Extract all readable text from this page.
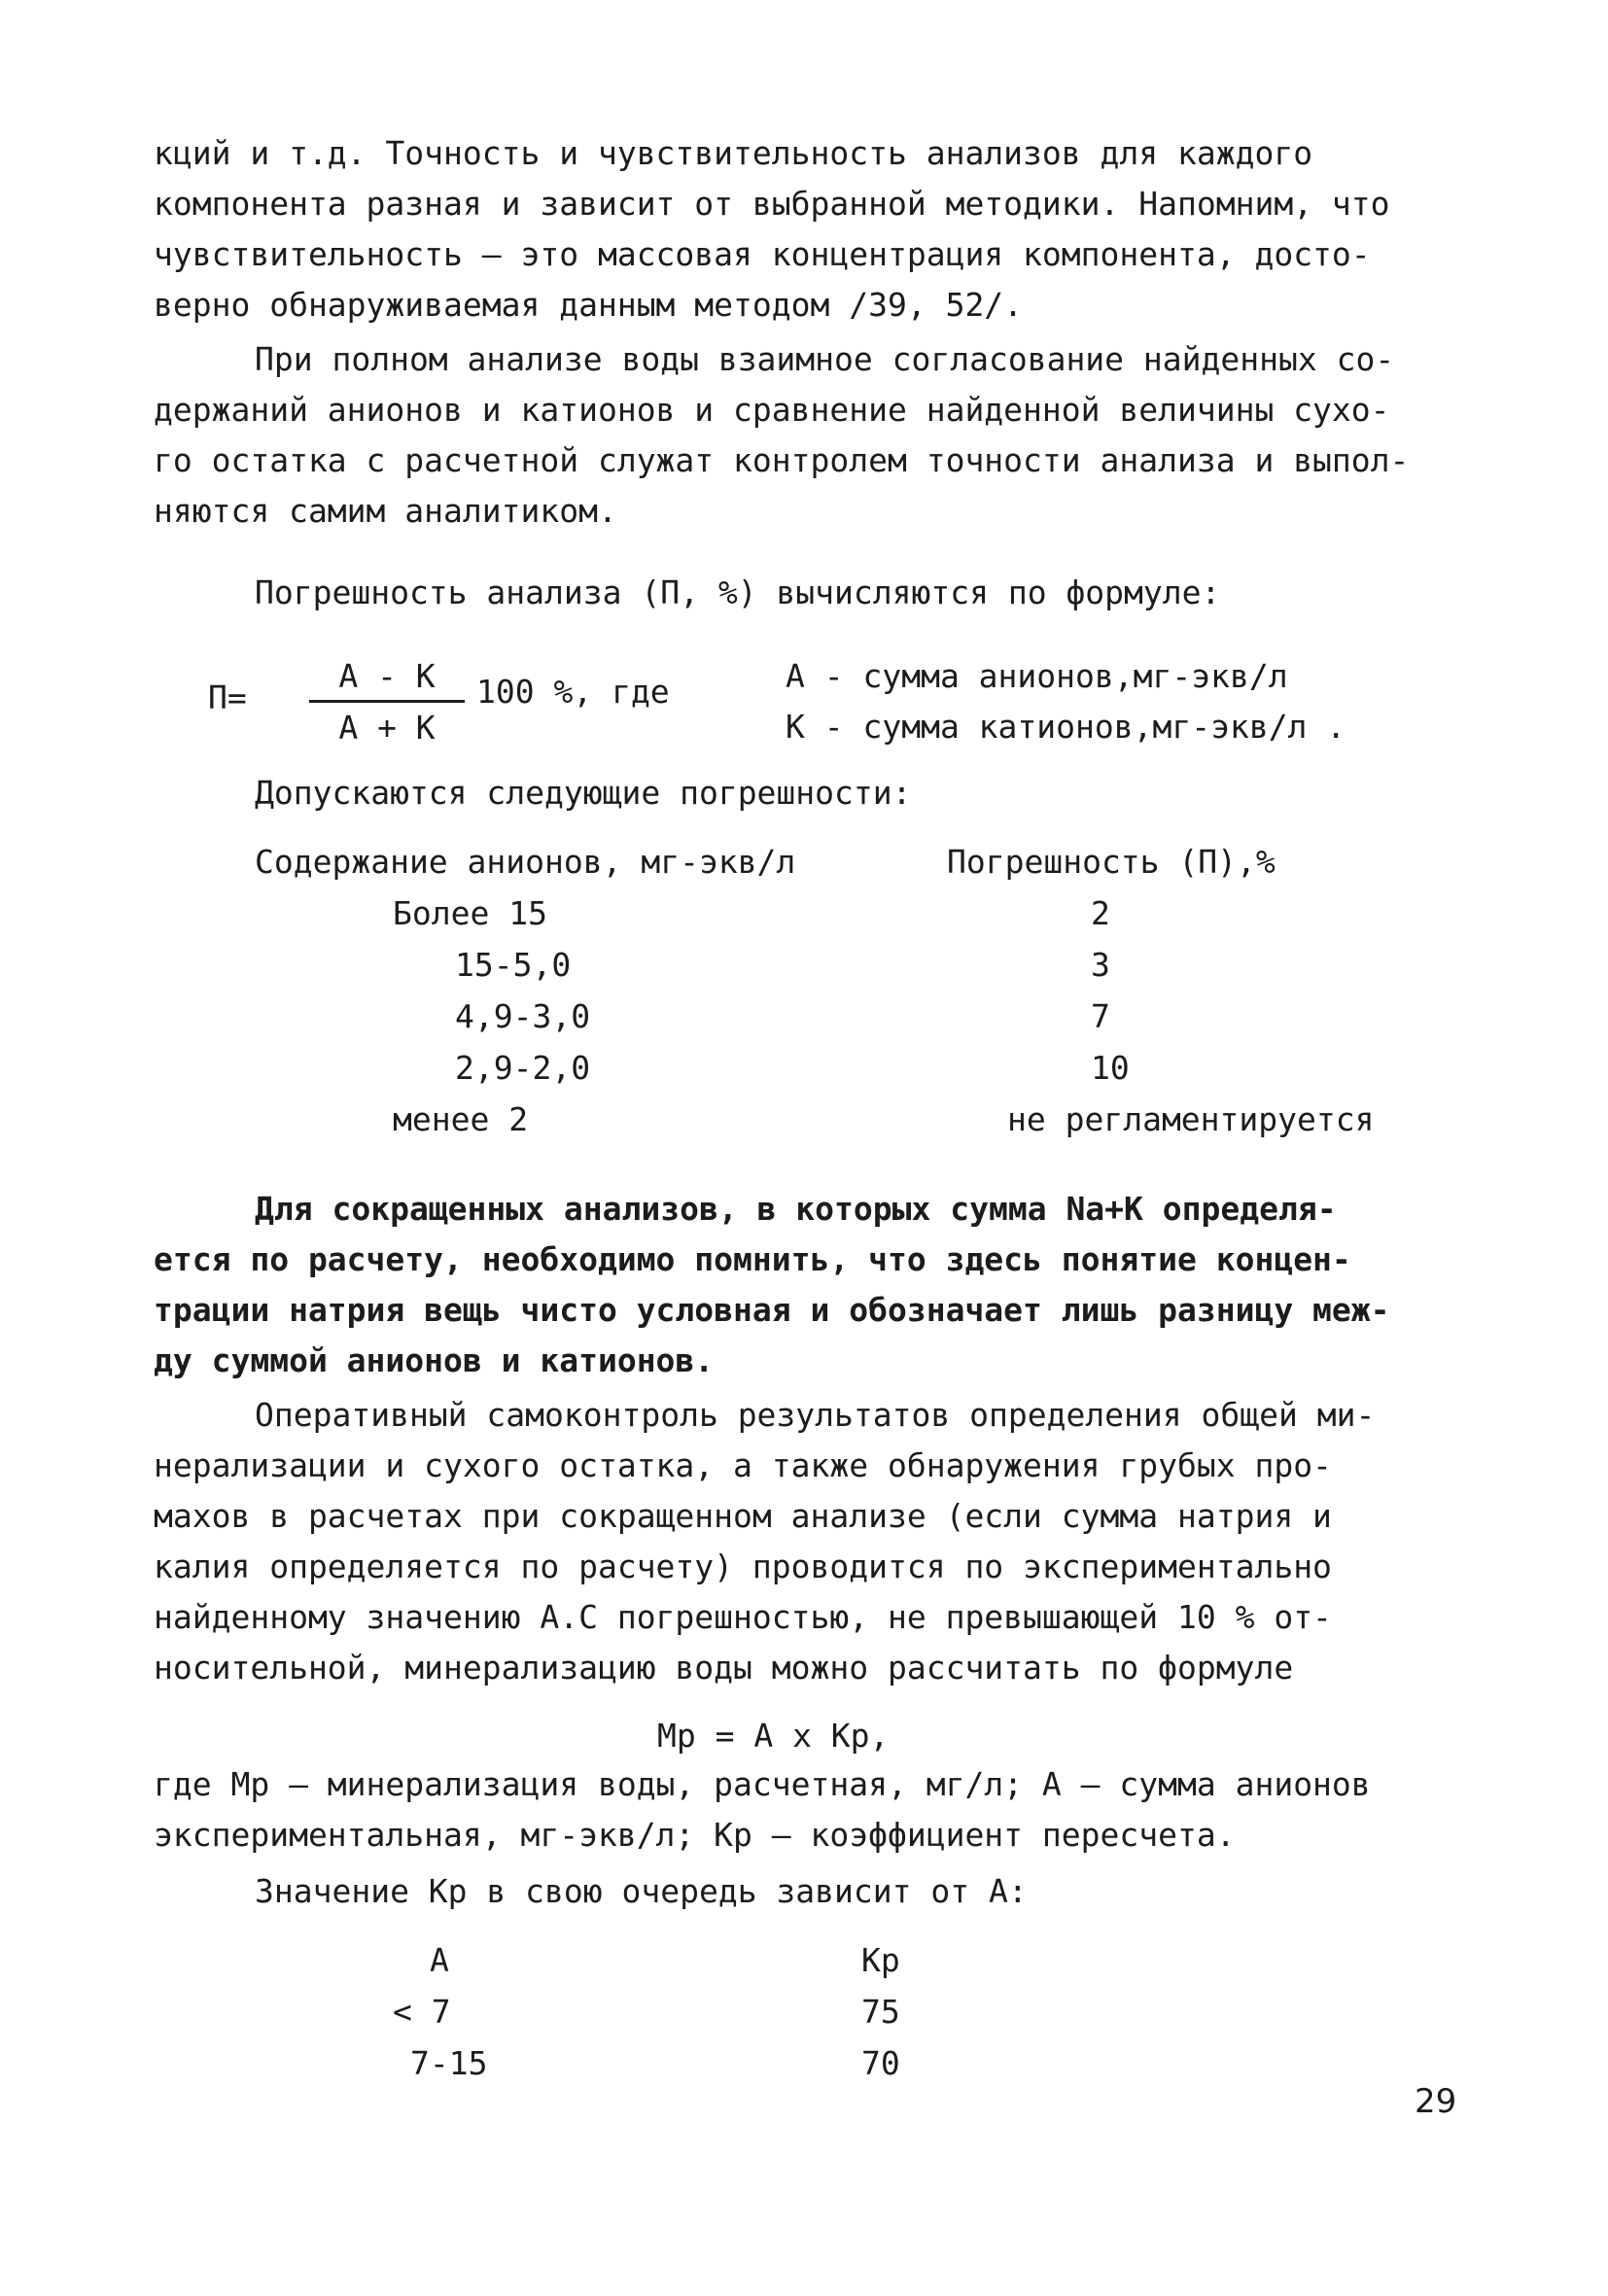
кций и т.д. Точность и чувствительность анализов для каждого
компонента разная и зависит от выбранной методики. Напомним, что
чувствительность – это массовая концентрация компонента, досто-
верно обнаруживаемая данным методом /39, 52/.
При полном анализе воды взаимное согласование найденных со-
держаний анионов и катионов и сравнение найденной величины сухо-
го остатка с расчетной служат контролем точности анализа и выпол-
няются самим аналитиком.
Погрешность анализа (П, %) вычисляются по формуле:
П=
А - К
А + К
100 %, где	А - сумма анионов,мг-экв/л
К - сумма катионов,мг-экв/л .
Допускаются следующие погрешности:
Содержание анионов, мг-экв/л	Погрешность (П),%
Более 15	2
15-5,0	3
4,9-3,0	7
2,9-2,0	10
менее 2	не регламентируется
Для сокращенных анализов, в которых сумма Na+K определя-
ется по расчету, необходимо помнить, что здесь понятие концен-
трации натрия вещь чисто условная и обозначает лишь разницу меж-
ду суммой анионов и катионов.
Оперативный самоконтроль результатов определения общей ми-
нерализации и сухого остатка, а также обнаружения грубых про-
махов в расчетах при сокращенном анализе (если сумма натрия и
калия определяется по расчету) проводится по экспериментально
найденному значению А.С погрешностью, не превышающей 10 % от-
носительной, минерализацию воды можно рассчитать по формуле
Мр = А х Кр,
где Мр – минерализация воды, расчетная, мг/л; А – сумма анионов
экспериментальная, мг-экв/л; Кр – коэффициент пересчета.
Значение Кр в свою очередь зависит от А:
А	Кр
< 7	75
7-15	70
29
